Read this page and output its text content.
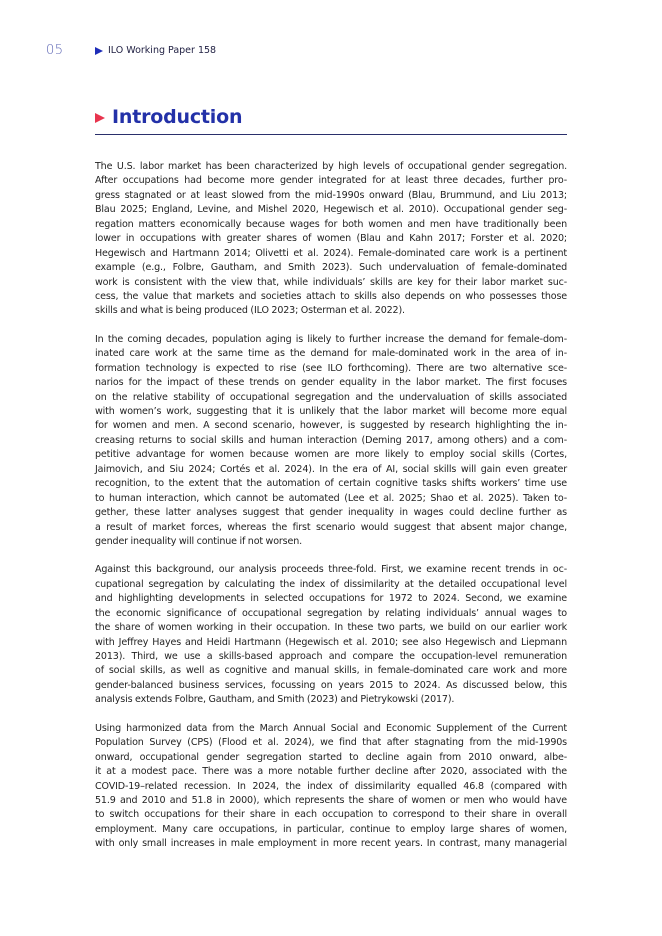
05	ILO Working Paper 158
Introduction

The U.S. labor market has been characterized by high levels of occupational gender segregation.
After occupations had become more gender integrated for at least three decades, further pro-
gress stagnated or at least slowed from the mid-1990s onward (Blau, Brummund, and Liu 2013;
Blau 2025; England, Levine, and Mishel 2020, Hegewisch et al. 2010). Occupational gender seg-
regation matters economically because wages for both women and men have traditionally been
lower in occupations with greater shares of women (Blau and Kahn 2017; Forster et al. 2020;
Hegewisch and Hartmann 2014; Olivetti et al. 2024). Female-dominated care work is a pertinent
example (e.g., Folbre, Gautham, and Smith 2023). Such undervaluation of female-dominated
work is consistent with the view that, while individuals’ skills are key for their labor market suc-
cess, the value that markets and societies attach to skills also depends on who possesses those
skills and what is being produced (ILO 2023; Osterman et al. 2022).

In the coming decades, population aging is likely to further increase the demand for female-dom-
inated care work at the same time as the demand for male-dominated work in the area of in-
formation technology is expected to rise (see ILO forthcoming). There are two alternative sce-
narios for the impact of these trends on gender equality in the labor market. The first focuses
on the relative stability of occupational segregation and the undervaluation of skills associated
with women’s work, suggesting that it is unlikely that the labor market will become more equal
for women and men. A second scenario, however, is suggested by research highlighting the in-
creasing returns to social skills and human interaction (Deming 2017, among others) and a com-
petitive advantage for women because women are more likely to employ social skills (Cortes,
Jaimovich, and Siu 2024; Cortés et al. 2024). In the era of AI, social skills will gain even greater
recognition, to the extent that the automation of certain cognitive tasks shifts workers’ time use
to human interaction, which cannot be automated (Lee et al. 2025; Shao et al. 2025). Taken to-
gether, these latter analyses suggest that gender inequality in wages could decline further as
a result of market forces, whereas the first scenario would suggest that absent major change,
gender inequality will continue if not worsen.

Against this background, our analysis proceeds three-fold. First, we examine recent trends in oc-
cupational segregation by calculating the index of dissimilarity at the detailed occupational level
and highlighting developments in selected occupations for 1972 to 2024. Second, we examine
the economic significance of occupational segregation by relating individuals’ annual wages to
the share of women working in their occupation. In these two parts, we build on our earlier work
with Jeffrey Hayes and Heidi Hartmann (Hegewisch et al. 2010; see also Hegewisch and Liepmann
2013). Third, we use a skills-based approach and compare the occupation-level remuneration
of social skills, as well as cognitive and manual skills, in female-dominated care work and more
gender-balanced business services, focussing on years 2015 to 2024. As discussed below, this
analysis extends Folbre, Gautham, and Smith (2023) and Pietrykowski (2017).

Using harmonized data from the March Annual Social and Economic Supplement of the Current
Population Survey (CPS) (Flood et al. 2024), we find that after stagnating from the mid-1990s
onward, occupational gender segregation started to decline again from 2010 onward, albe-
it at a modest pace. There was a more notable further decline after 2020, associated with the
COVID-19–related recession. In 2024, the index of dissimilarity equalled 46.8 (compared with
51.9 and 2010 and 51.8 in 2000), which represents the share of women or men who would have
to switch occupations for their share in each occupation to correspond to their share in overall
employment. Many care occupations, in particular, continue to employ large shares of women,
with only small increases in male employment in more recent years. In contrast, many managerial
